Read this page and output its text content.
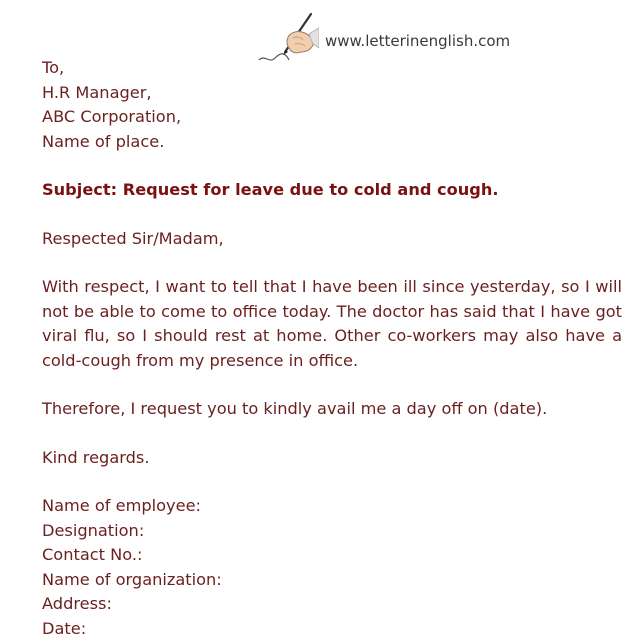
www.letterinenglish.com

To,

H.R Manager,

ABC Corporation,

Name of place.

Subject: Request for leave due to cold and cough.

Respected Sir/Madam,

With respect, I want to tell that I have been ill since yesterday, so I will not be able to come to office today. The doctor has said that I have got viral flu, so I should rest at home. Other co-workers may also have a cold-cough from my presence in office.

Therefore, I request you to kindly avail me a day off on (date).

Kind regards.

Name of employee:

Designation:

Contact No.:

Name of organization:

Address:

Date:
